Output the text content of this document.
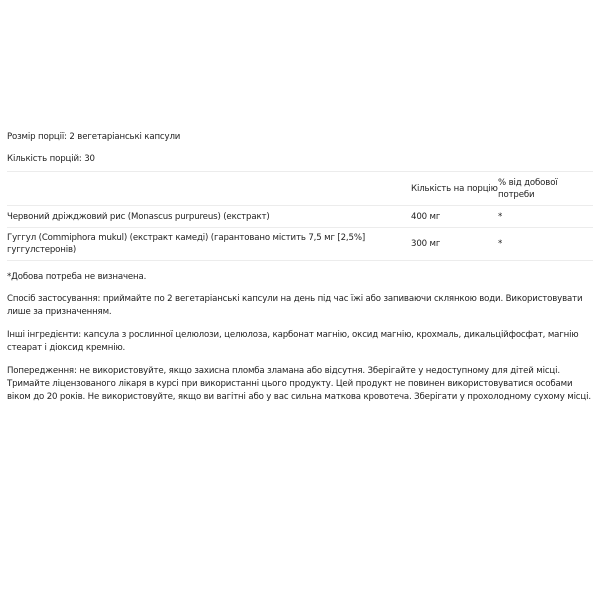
Розмір порції: 2 вегетаріанські капсули
Кількість порцій: 30
	Кількість на порцію	% від добової потреби
Червоний дріжджовий рис (Monascus purpureus) (екстракт)	400 мг	*
Гуггул (Commiphora mukul) (екстракт камеді) (гарантовано містить 7,5 мг [2,5%] гуггулстеронів)	300 мг	*
*Добова потреба не визначена.
Спосіб застосування: приймайте по 2 вегетаріанські капсули на день під час їжі або запиваючи склянкою води. Використовувати лише за призначенням.
Інші інгредієнти: капсула з рослинної целюлози, целюлоза, карбонат магнію, оксид магнію, крохмаль, дикальційфосфат, магнію стеарат і діоксид кремнію.
Попередження: не використовуйте, якщо захисна пломба зламана або відсутня. Зберігайте у недоступному для дітей місці. Тримайте ліцензованого лікаря в курсі при використанні цього продукту. Цей продукт не повинен використовуватися особами віком до 20 років. Не використовуйте, якщо ви вагітні або у вас сильна маткова кровотеча. Зберігати у прохолодному сухому місці.
